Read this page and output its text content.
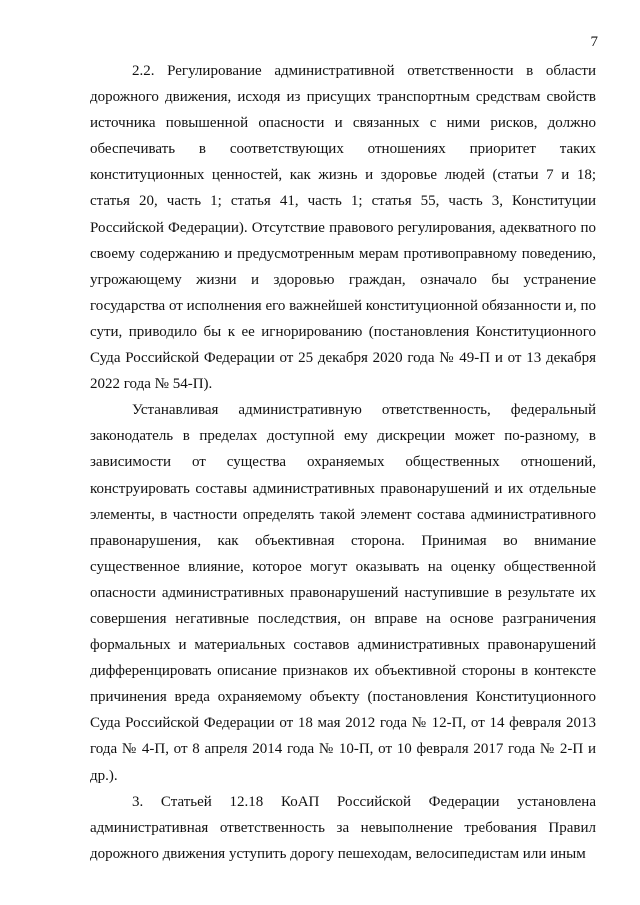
7

2.2. Регулирование административной ответственности в области дорожного движения, исходя из присущих транспортным средствам свойств источника повышенной опасности и связанных с ними рисков, должно обеспечивать в соответствующих отношениях приоритет таких конституционных ценностей, как жизнь и здоровье людей (статьи 7 и 18; статья 20, часть 1; статья 41, часть 1; статья 55, часть 3, Конституции Российской Федерации). Отсутствие правового регулирования, адекватного по своему содержанию и предусмотренным мерам противоправному поведению, угрожающему жизни и здоровью граждан, означало бы устранение государства от исполнения его важнейшей конституционной обязанности и, по сути, приводило бы к ее игнорированию (постановления Конституционного Суда Российской Федерации от 25 декабря 2020 года № 49-П и от 13 декабря 2022 года № 54-П).

Устанавливая административную ответственность, федеральный законодатель в пределах доступной ему дискреции может по-разному, в зависимости от существа охраняемых общественных отношений, конструировать составы административных правонарушений и их отдельные элементы, в частности определять такой элемент состава административного правонарушения, как объективная сторона. Принимая во внимание существенное влияние, которое могут оказывать на оценку общественной опасности административных правонарушений наступившие в результате их совершения негативные последствия, он вправе на основе разграничения формальных и материальных составов административных правонарушений дифференцировать описание признаков их объективной стороны в контексте причинения вреда охраняемому объекту (постановления Конституционного Суда Российской Федерации от 18 мая 2012 года № 12-П, от 14 февраля 2013 года № 4-П, от 8 апреля 2014 года № 10-П, от 10 февраля 2017 года № 2-П и др.).

3. Статьей 12.18 КоАП Российской Федерации установлена административная ответственность за невыполнение требования Правил дорожного движения уступить дорогу пешеходам, велосипедистам или иным
